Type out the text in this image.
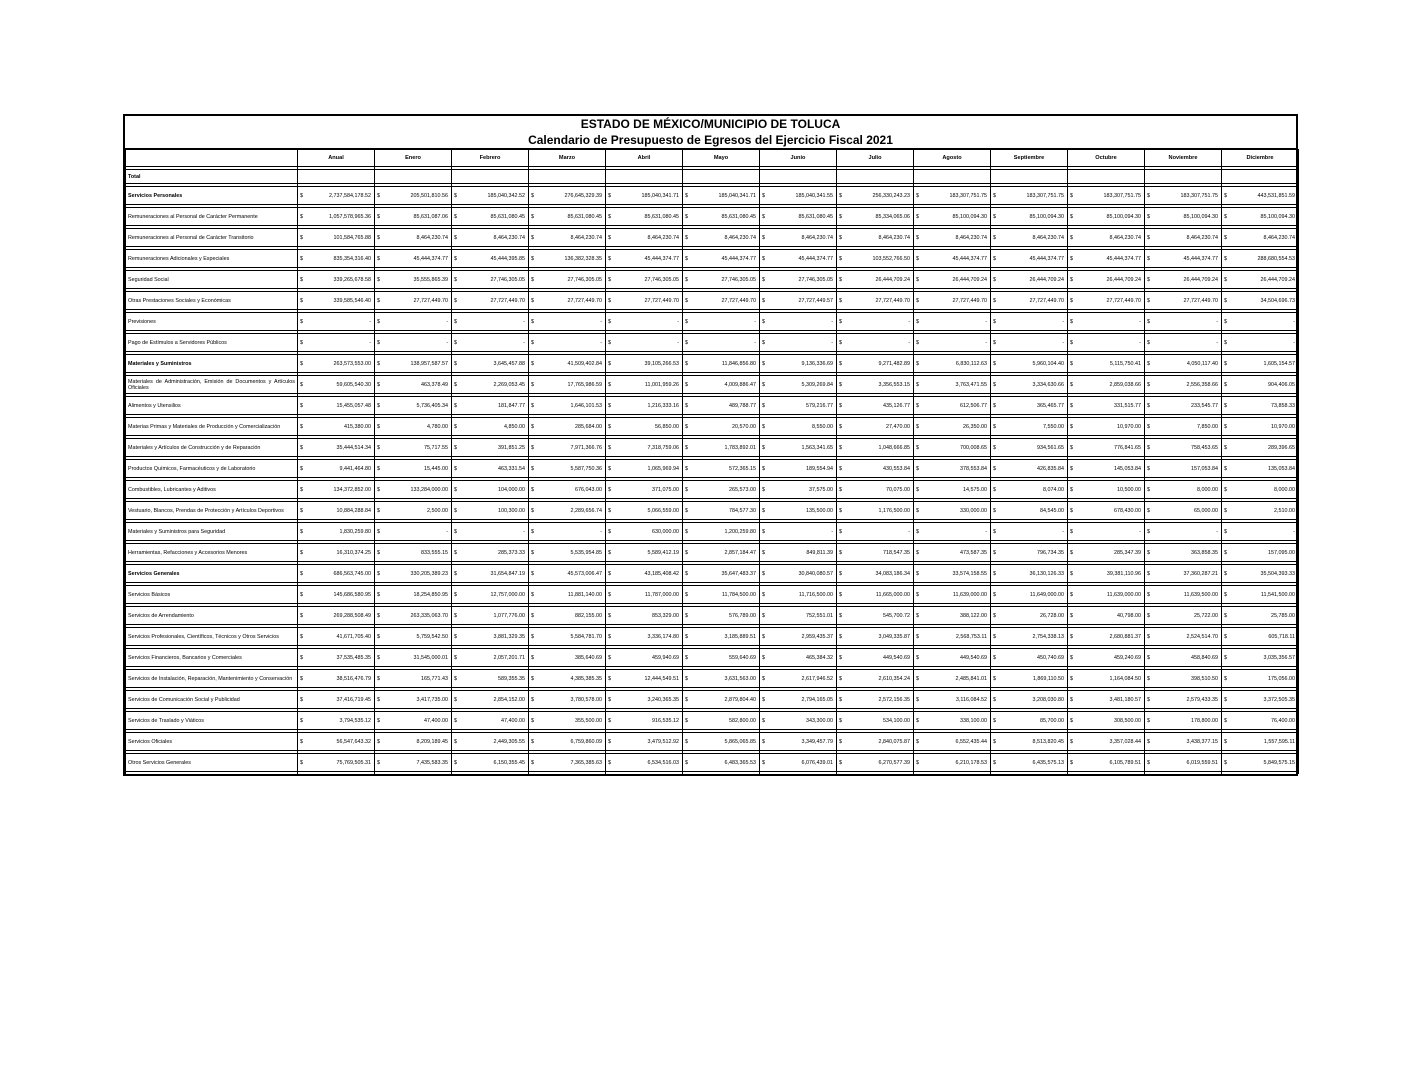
ESTADO DE MÉXICO/MUNICIPIO DE TOLUCA
Calendario de Presupuesto de Egresos del Ejercicio Fiscal 2021
	Anual	Enero	Febrero	Marzo	Abril	Mayo	Junio	Julio	Agosto	Septiembre	Octubre	Noviembre	Diciembre

Total													

Servicios Personales	$ 2,737,584,178.52	$ 205,501,810.56	$ 185,040,342.52	$ 276,645,329.39	$ 185,040,341.71	$ 185,040,341.71	$ 185,040,341.55	$ 256,330,243.23	$ 183,307,751.75	$ 183,307,751.75	$ 183,307,751.75	$ 183,307,751.75	$ 443,531,851.59

Remuneraciones al Personal de Carácter Permanente	$ 1,057,578,965.36	$ 85,631,087.06	$ 85,631,080.45	$ 85,631,080.45	$ 85,631,080.45	$ 85,631,080.45	$ 85,631,080.45	$ 85,334,065.06	$ 85,100,094.30	$ 85,100,094.30	$ 85,100,094.30	$ 85,100,094.30	$ 85,100,094.30

Remuneraciones al Personal de Carácter Transitorio	$ 101,584,765.88	$ 8,464,230.74	$ 8,464,230.74	$ 8,464,230.74	$ 8,464,230.74	$ 8,464,230.74	$ 8,464,230.74	$ 8,464,230.74	$ 8,464,230.74	$ 8,464,230.74	$ 8,464,230.74	$ 8,464,230.74	$ 8,464,230.74

Remuneraciones Adicionales y Especiales	$ 835,354,316.40	$ 45,444,374.77	$ 45,444,395.85	$ 136,382,328.35	$ 45,444,374.77	$ 45,444,374.77	$ 45,444,374.77	$ 103,552,766.50	$ 45,444,374.77	$ 45,444,374.77	$ 45,444,374.77	$ 45,444,374.77	$ 288,680,554.53

Seguridad Social	$ 339,265,678.58	$ 35,555,865.39	$ 27,746,305.05	$ 27,746,305.05	$ 27,746,305.05	$ 27,746,305.05	$ 27,746,305.05	$ 26,444,709.24	$ 26,444,709.24	$ 26,444,709.24	$ 26,444,709.24	$ 26,444,709.24	$ 26,444,709.24

Otras Prestaciones Sociales y Económicas	$ 339,585,546.40	$ 27,727,449.70	$ 27,727,449.70	$ 27,727,449.70	$ 27,727,449.70	$ 27,727,449.70	$ 27,727,449.57	$ 27,727,449.70	$ 27,727,449.70	$ 27,727,449.70	$ 27,727,449.70	$ 27,727,449.70	$ 34,504,696.73

Previsiones	$ -	$ -	$ -	$ -	$ -	$ -	$ -	$ -	$ -	$ -	$ -	$ -	$ -

Pago de Estímulos a Servidores Públicos	$ -	$ -	$ -	$ -	$ -	$ -	$ -	$ -	$ -	$ -	$ -	$ -	$ -

Materiales y Suministros	$ 263,573,553.00	$ 138,957,587.57	$ 3,645,457.88	$ 41,509,402.84	$ 39,105,266.53	$ 11,846,856.80	$ 9,136,336.69	$ 9,271,482.89	$ 6,830,112.63	$ 5,960,104.40	$ 5,115,750.41	$ 4,050,117.40	$ 1,605,154.57

Materiales de Administración, Emisión de Documentos y Artículos Oficiales	$ 59,605,540.30	$ 463,378.49	$ 2,269,053.45	$ 17,765,986.59	$ 11,001,959.26	$ 4,009,886.47	$ 5,309,269.84	$ 3,356,553.15	$ 3,763,471.55	$ 3,334,630.66	$ 2,859,038.66	$ 2,556,358.66	$ 904,406.05

Alimentos y Utensilios	$ 15,455,057.48	$ 5,736,405.34	$ 181,847.77	$ 1,646,101.53	$ 1,216,333.16	$ 489,788.77	$ 579,216.77	$ 435,126.77	$ 612,506.77	$ 365,465.77	$ 331,515.77	$ 233,545.77	$ 73,858.33

Materias Primas y Materiales de Producción y Comercialización	$ 415,380.00	$ 4,780.00	$ 4,850.00	$ 285,684.00	$ 56,850.00	$ 20,570.00	$ 8,550.00	$ 27,470.00	$ 26,350.00	$ 7,550.00	$ 10,970.00	$ 7,850.00	$ 10,970.00

Materiales y Artículos de Construcción y de Reparación	$ 35,444,514.34	$ 75,717.55	$ 391,851.25	$ 7,971,366.76	$ 7,318,759.06	$ 1,783,892.01	$ 1,563,341.65	$ 1,048,666.85	$ 700,008.65	$ 934,561.65	$ 776,841.65	$ 758,453.65	$ 289,396.65

Productos Químicos, Farmacéuticos y de Laboratorio	$ 9,441,464.80	$ 15,445.00	$ 463,331.54	$ 5,587,750.36	$ 1,065,969.94	$ 572,365.15	$ 189,554.94	$ 430,553.84	$ 378,553.84	$ 426,835.84	$ 145,053.84	$ 157,053.84	$ 135,053.84

Combustibles, Lubricantes y Aditivos	$ 134,372,852.00	$ 133,284,000.00	$ 104,000.00	$ 676,043.00	$ 371,075.00	$ 265,573.00	$ 37,575.00	$ 70,075.00	$ 14,575.00	$ 8,074.00	$ 10,500.00	$ 8,000.00	$ 8,000.00

Vestuario, Blancos, Prendas de Protección y Artículos Deportivos	$ 10,884,288.84	$ 2,500.00	$ 100,300.00	$ 2,289,656.74	$ 5,066,559.00	$ 784,577.30	$ 135,500.00	$ 1,176,500.00	$ 330,000.00	$ 84,545.00	$ 678,430.00	$ 65,000.00	$ 2,510.00

Materiales y Suministros para Seguridad	$ 1,830,259.80	$ -	$ -	$ -	$ 630,000.00	$ 1,200,259.80	$ -	$ -	$ -	$ -	$ -	$ -	$ -

Herramientas, Refacciones y Accesorios Menores	$ 16,310,374.25	$ 833,555.15	$ 285,373.33	$ 5,535,954.85	$ 5,589,412.19	$ 2,857,184.47	$ 849,811.39	$ 718,547.35	$ 473,587.35	$ 796,734.35	$ 285,347.39	$ 363,858.35	$ 157,095.00

Servicios Generales	$ 686,563,745.00	$ 330,205,389.23	$ 31,654,847.19	$ 45,573,006.47	$ 43,185,408.42	$ 35,647,483.37	$ 30,840,080.57	$ 34,083,186.34	$ 33,574,158.55	$ 36,130,126.33	$ 39,381,110.96	$ 37,360,287.21	$ 35,504,393.33

Servicios Básicos	$ 145,686,580.95	$ 18,254,850.95	$ 12,757,000.00	$ 11,881,140.00	$ 11,787,000.00	$ 11,784,500.00	$ 11,716,500.00	$ 11,665,000.00	$ 11,639,000.00	$ 11,649,000.00	$ 11,639,000.00	$ 11,639,500.00	$ 11,541,500.00

Servicios de Arrendamiento	$ 269,288,508.49	$ 263,335,063.70	$ 1,077,776.00	$ 882,155.00	$ 853,329.00	$ 576,789.00	$ 752,551.01	$ 545,700.72	$ 388,122.00	$ 26,728.00	$ 40,798.00	$ 25,722.00	$ 25,785.00

Servicios Profesionales, Científicos, Técnicos y Otros Servicios	$ 41,671,705.40	$ 5,759,542.50	$ 3,881,329.35	$ 5,584,781.70	$ 3,336,174.80	$ 3,185,889.51	$ 2,959,435.37	$ 3,049,335.87	$ 2,568,753.11	$ 2,754,338.13	$ 2,680,881.37	$ 2,524,514.70	$ 605,718.11

Servicios Financieros, Bancarios y Comerciales	$ 37,535,485.35	$ 31,545,000.01	$ 2,057,201.71	$ 385,640.69	$ 459,940.69	$ 559,640.69	$ 465,384.32	$ 449,540.69	$ 449,540.69	$ 450,740.69	$ 459,240.69	$ 458,840.69	$ 3,035,356.57

Servicios de Instalación, Reparación, Mantenimiento y Conservación	$ 38,516,476.79	$ 165,771.43	$ 589,355.35	$ 4,385,385.35	$ 12,444,549.51	$ 3,631,563.00	$ 2,617,946.52	$ 2,610,354.24	$ 2,485,841.01	$ 1,869,110.50	$ 1,164,084.50	$ 398,510.50	$ 175,056.00

Servicios de Comunicación Social y Publicidad	$ 37,416,719.45	$ 3,417,735.00	$ 2,854,152.00	$ 3,780,578.00	$ 3,240,365.35	$ 2,879,804.40	$ 2,794,165.05	$ 2,572,156.35	$ 3,116,084.52	$ 3,208,030.80	$ 3,481,180.57	$ 2,579,433.35	$ 3,372,505.35

Servicios de Traslado y Viáticos	$ 3,794,535.12	$ 47,400.00	$ 47,400.00	$ 355,500.00	$ 916,535.12	$ 582,800.00	$ 343,300.00	$ 534,100.00	$ 338,100.00	$ 85,700.00	$ 308,500.00	$ 178,800.00	$ 76,400.00

Servicios Oficiales	$ 56,547,643.32	$ 8,209,189.45	$ 2,449,305.55	$ 6,759,860.09	$ 3,479,512.92	$ 5,865,065.85	$ 3,349,457.79	$ 2,840,075.87	$ 6,552,435.44	$ 8,513,820.45	$ 3,357,028.44	$ 3,438,377.15	$ 1,557,595.11

Otros Servicios Generales	$ 75,769,505.31	$ 7,435,583.35	$ 6,150,355.45	$ 7,365,385.63	$ 6,534,516.03	$ 6,483,365.53	$ 6,076,439.01	$ 6,270,577.39	$ 6,210,178.53	$ 6,435,575.13	$ 6,105,789.51	$ 6,019,559.51	$ 5,849,575.15
